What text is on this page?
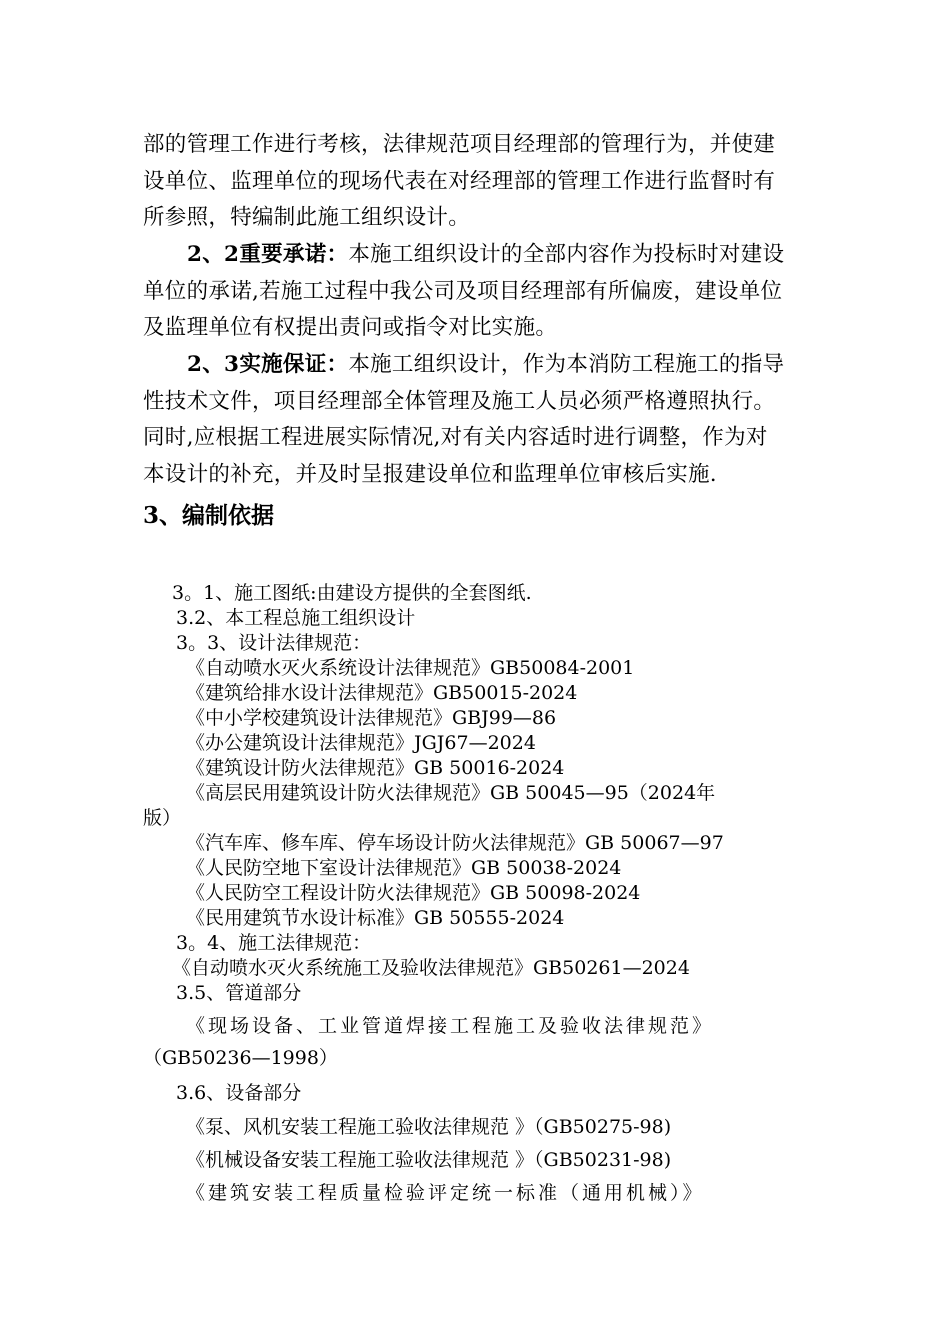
部的管理工作进行考核，法律规范项目经理部的管理行为，并使建
设单位、监理单位的现场代表在对经理部的管理工作进行监督时有
所参照，特编制此施工组织设计。

2、2重要承诺：本施工组织设计的全部内容作为投标时对建设
单位的承诺,若施工过程中我公司及项目经理部有所偏废，建设单位
及监理单位有权提出责问或指令对比实施。

2、3实施保证：本施工组织设计，作为本消防工程施工的指导
性技术文件，项目经理部全体管理及施工人员必须严格遵照执行。
同时,应根据工程进展实际情况,对有关内容适时进行调整，作为对
本设计的补充，并及时呈报建设单位和监理单位审核后实施.

3、编制依据

3。1、施工图纸:由建设方提供的全套图纸.

3.2、本工程总施工组织设计

3。3、设计法律规范：

《自动喷水灭火系统设计法律规范》GB50084-2001

《建筑给排水设计法律规范》GB50015-2024

《中小学校建筑设计法律规范》GBJ99—86

《办公建筑设计法律规范》JGJ67—2024

《建筑设计防火法律规范》GB 50016-2024

《高层民用建筑设计防火法律规范》GB 50045—95（2024年

版）

《汽车库、修车库、停车场设计防火法律规范》GB 50067—97

《人民防空地下室设计法律规范》GB 50038-2024

《人民防空工程设计防火法律规范》GB 50098-2024

《民用建筑节水设计标准》GB 50555-2024

3。4、施工法律规范：

《自动喷水灭火系统施工及验收法律规范》GB50261—2024

3.5、管道部分

《现场设备、工业管道焊接工程施工及验收法律规范》

（GB50236—1998）

3.6、设备部分

《泵、风机安装工程施工验收法律规范 》（GB50275-98)

《机械设备安装工程施工验收法律规范 》（GB50231-98)

《建筑安装工程质量检验评定统一标准（通用机械）》
